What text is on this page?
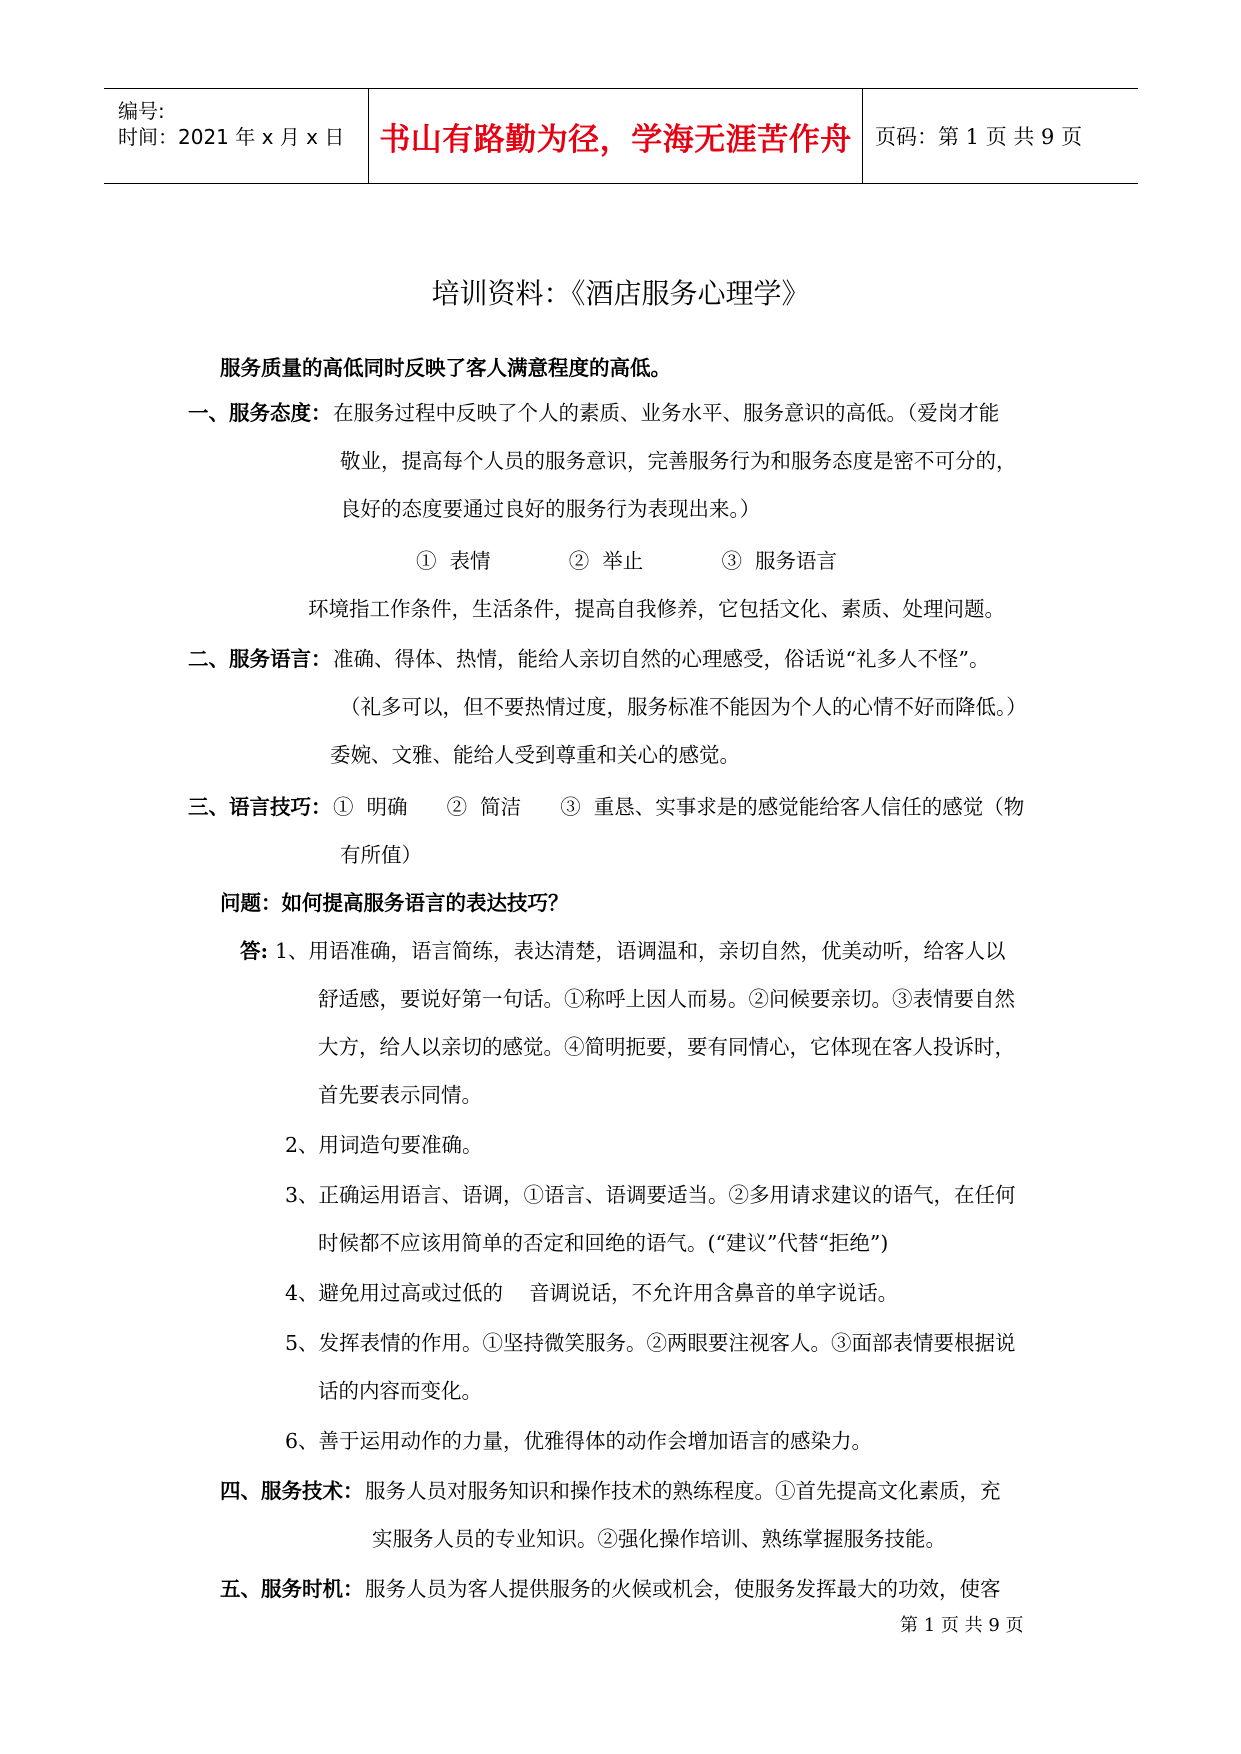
编号:
时间：2021 年 x 月 x 日 书山有路勤为径，学海无涯苦作舟	页码：第 1 页 共 9 页
培训资料：《酒店服务心理学》
服务质量的高低同时反映了客人满意程度的高低。
一、服务态度： 在服务过程中反映了个人的素质、业务水平、服务意识的高低。（爱岗才能
敬业，提高每个人员的服务意识，完善服务行为和服务态度是密不可分的，
良好的态度要通过良好的服务行为表现出来。）
①  表情            ②  举止            ③  服务语言
环境指工作条件，生活条件，提高自我修养，它包括文化、素质、处理问题。
二、服务语言： 准确、得体、热情，能给人亲切自然的心理感受，俗话说“礼多人不怪”。
（礼多可以，但不要热情过度，服务标准不能因为个人的心情不好而降低。）
委婉、文雅、能给人受到尊重和关心的感觉。
三、语言技巧： ①  明确      ②  简洁      ③  重恳、实事求是的感觉能给客人信任的感觉（物
有所值）
问题：如何提高服务语言的表达技巧？
答: 1、用语准确，语言简练，表达清楚，语调温和，亲切自然，优美动听，给客人以
舒适感，要说好第一句话。①称呼上因人而易。②问候要亲切。③表情要自然
大方，给人以亲切的感觉。④简明扼要，要有同情心，它体现在客人投诉时，
首先要表示同情。
2、用词造句要准确。
3、正确运用语言、语调，①语言、语调要适当。②多用请求建议的语气，在任何
时候都不应该用简单的否定和回绝的语气。(“建议”代替“拒绝”)
4、避免用过高或过低的    音调说话，不允许用含鼻音的单字说话。
5、发挥表情的作用。①坚持微笑服务。②两眼要注视客人。③面部表情要根据说
话的内容而变化。
6、善于运用动作的力量，优雅得体的动作会增加语言的感染力。
四、服务技术： 服务人员对服务知识和操作技术的熟练程度。①首先提高文化素质，充
实服务人员的专业知识。②强化操作培训、熟练掌握服务技能。
五、服务时机： 服务人员为客人提供服务的火候或机会，使服务发挥最大的功效，使客
第 1 页 共 9 页
